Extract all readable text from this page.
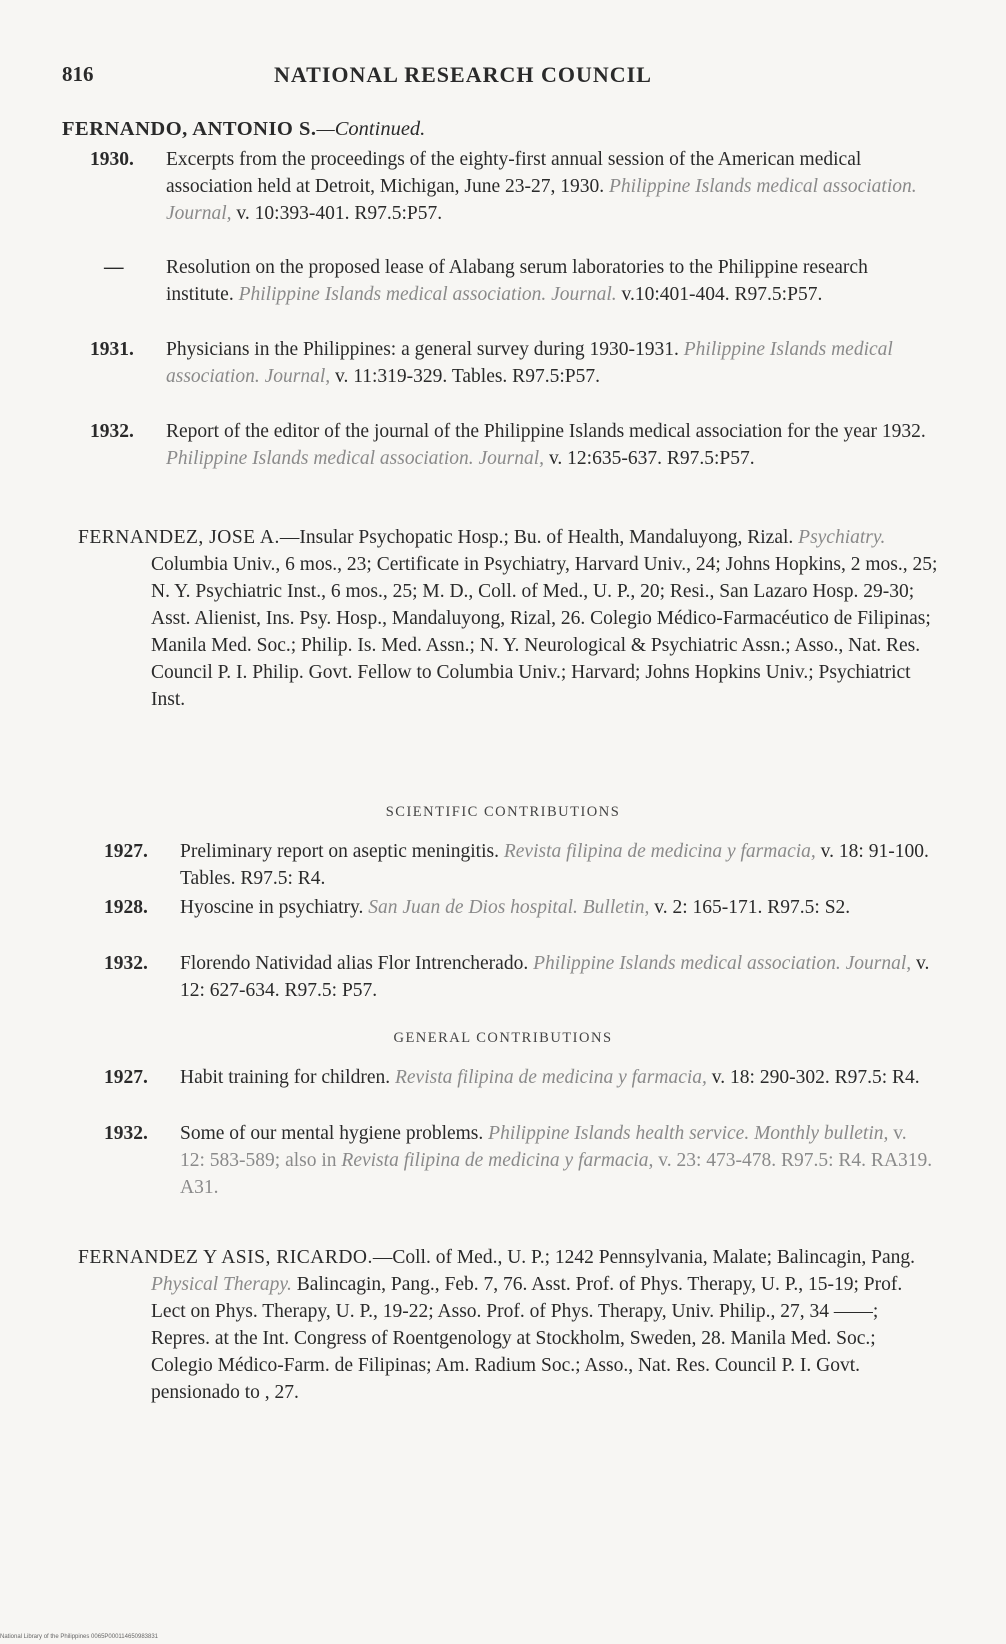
816	NATIONAL RESEARCH COUNCIL
FERNANDO, ANTONIO S.—Continued.
1930. Excerpts from the proceedings of the eighty-first annual session of the American medical association held at Detroit, Michigan, June 23-27, 1930. Philippine Islands medical association. Journal, v. 10:393-401. R97.5:P57.
— Resolution on the proposed lease of Alabang serum laboratories to the Philippine research institute. Philippine Islands medical association. Journal. v.10:401-404. R97.5:P57.
1931. Physicians in the Philippines: a general survey during 1930-1931. Philippine Islands medical association. Journal, v. 11:319-329. Tables. R97.5:P57.
1932. Report of the editor of the journal of the Philippine Islands medical association for the year 1932. Philippine Islands medical association. Journal, v. 12:635-637. R97.5:P57.
FERNANDEZ, JOSE A.—Insular Psychopatic Hosp.; Bu. of Health, Mandaluyong, Rizal. Psychiatry. Columbia Univ., 6 mos., 23; Certificate in Psychiatry, Harvard Univ., 24; Johns Hopkins, 2 mos., 25; N. Y. Psychiatric Inst., 6 mos., 25; M. D., Coll. of Med., U. P., 20; Resi., San Lazaro Hosp. 29-30; Asst. Alienist, Ins. Psy. Hosp., Mandaluyong, Rizal, 26. Colegio Médico-Farmacéutico de Filipinas; Manila Med. Soc.; Philip. Is. Med. Assn.; N. Y. Neurological & Psychiatric Assn.; Asso., Nat. Res. Council P. I. Philip. Govt. Fellow to Columbia Univ.; Harvard; Johns Hopkins Univ.; Psychiatrict Inst.
SCIENTIFIC CONTRIBUTIONS
1927. Preliminary report on aseptic meningitis. Revista filipina de medicina y farmacia, v. 18: 91-100. Tables. R97.5: R4.
1928. Hyoscine in psychiatry. San Juan de Dios hospital. Bulletin, v. 2: 165-171. R97.5: S2.
1932. Florendo Natividad alias Flor Intrencherado. Philippine Islands medical association. Journal, v. 12: 627-634. R97.5: P57.
GENERAL CONTRIBUTIONS
1927. Habit training for children. Revista filipina de medicina y farmacia, v. 18: 290-302. R97.5: R4.
1932. Some of our mental hygiene problems. Philippine Islands health service. Monthly bulletin, v. 12: 583-589; also in Revista filipina de medicina y farmacia, v. 23: 473-478. R97.5: R4. RA319. A31.
FERNANDEZ Y ASIS, RICARDO.—Coll. of Med., U. P.; 1242 Pennsylvania, Malate; Balincagin, Pang. Physical Therapy. Balincagin, Pang., Feb. 7, 76. Asst. Prof. of Phys. Therapy, U. P., 15-19; Prof. Lect on Phys. Therapy, U. P., 19-22; Asso. Prof. of Phys. Therapy, Univ. Philip., 27, 34 ——; Repres. at the Int. Congress of Roentgenology at Stockholm, Sweden, 28. Manila Med. Soc.; Colegio Médico-Farm. de Filipinas; Am. Radium Soc.; Asso., Nat. Res. Council P. I. Govt. pensionado to , 27.
National Library of the Philippines 0065P000114650983831
